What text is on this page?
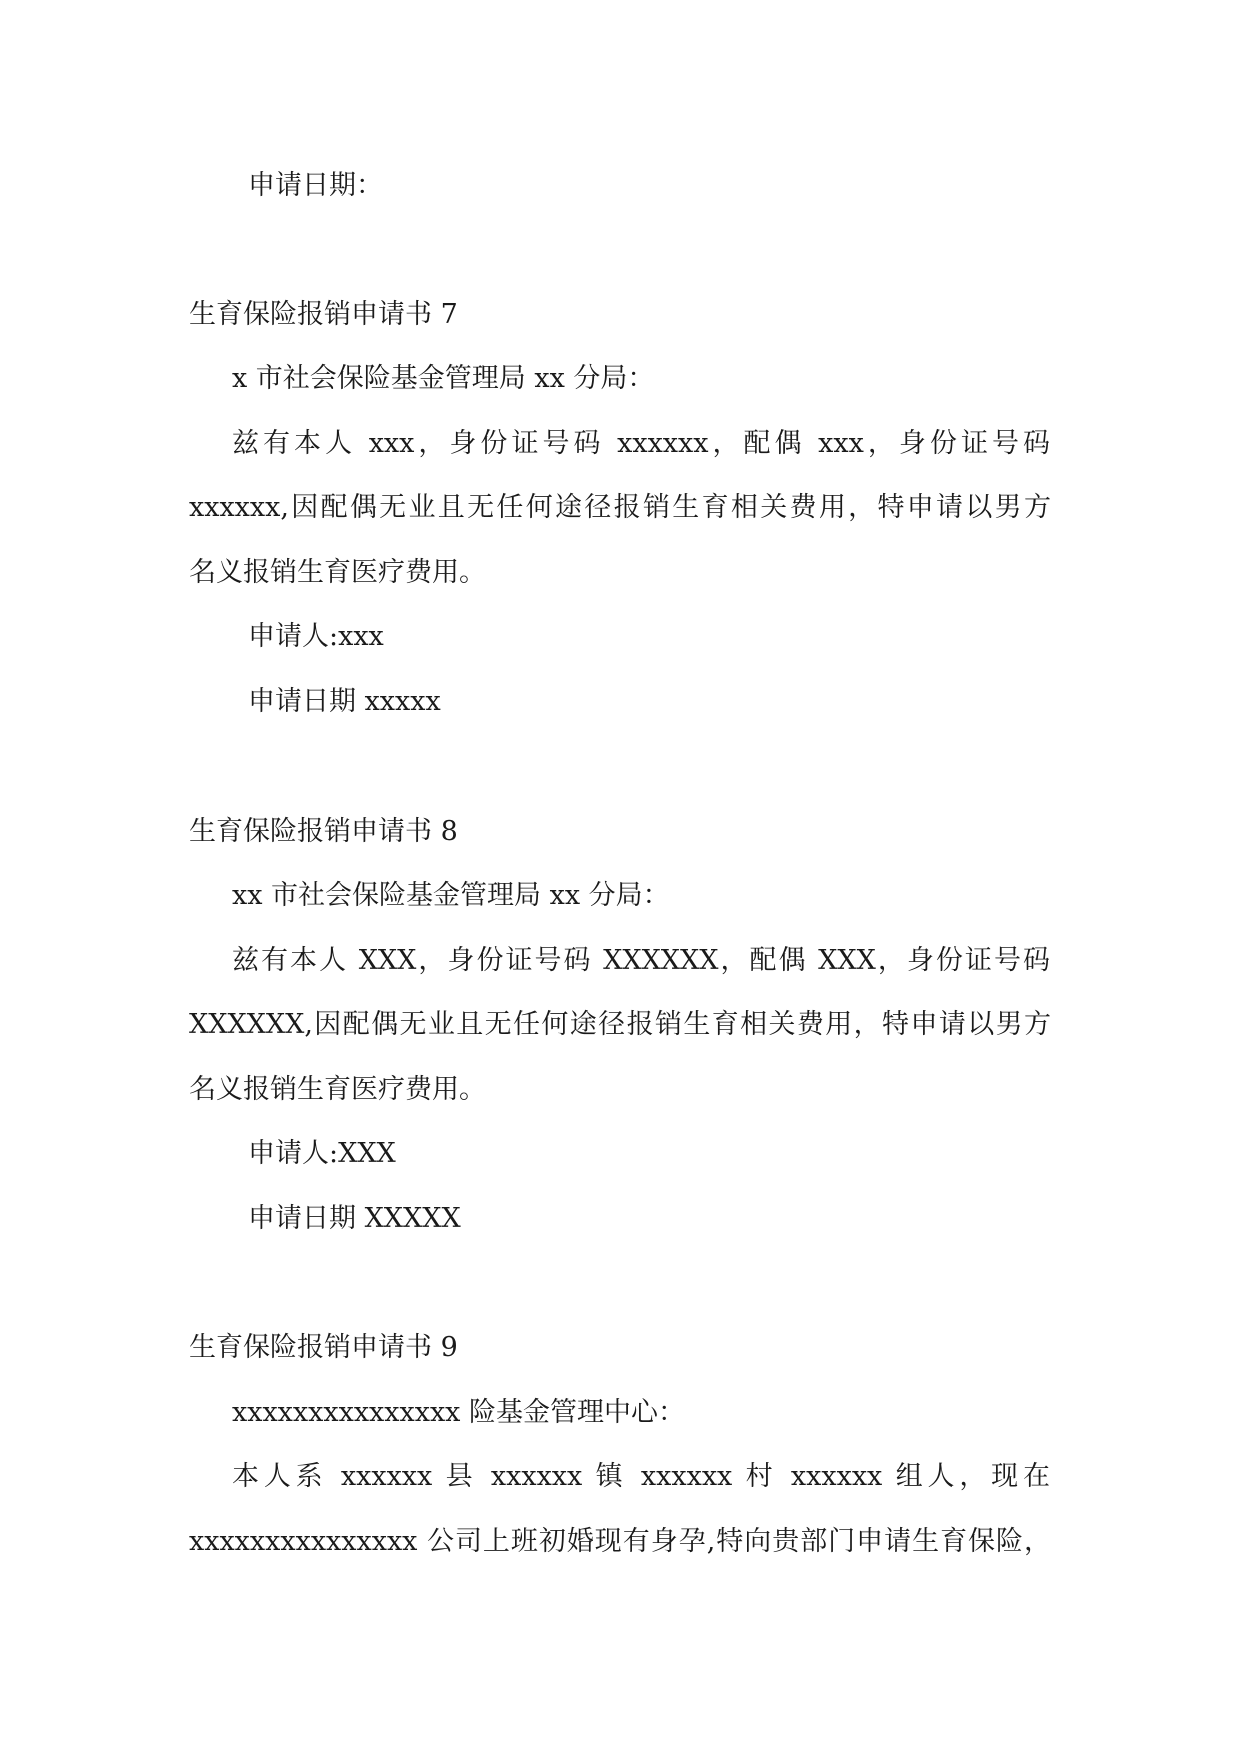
申请日期：
生育保险报销申请书 7
x 市社会保险基金管理局 xx 分局：
兹有本人 xxx，身份证号码 xxxxxx，配偶 xxx，身份证号码
xxxxxx,因配偶无业且无任何途径报销生育相关费用，特申请以男方
名义报销生育医疗费用。
申请人:xxx
申请日期 xxxxx
生育保险报销申请书 8
xx 市社会保险基金管理局 xx 分局：
兹有本人 XXX，身份证号码 XXXXXX，配偶 XXX，身份证号码
XXXXXX,因配偶无业且无任何途径报销生育相关费用，特申请以男方
名义报销生育医疗费用。
申请人:XXX
申请日期 XXXXX
生育保险报销申请书 9
xxxxxxxxxxxxxxx 险基金管理中心：
本人系 xxxxxx 县 xxxxxx 镇 xxxxxx 村 xxxxxx 组人，现在
xxxxxxxxxxxxxxx 公司上班初婚现有身孕,特向贵部门申请生育保险，
